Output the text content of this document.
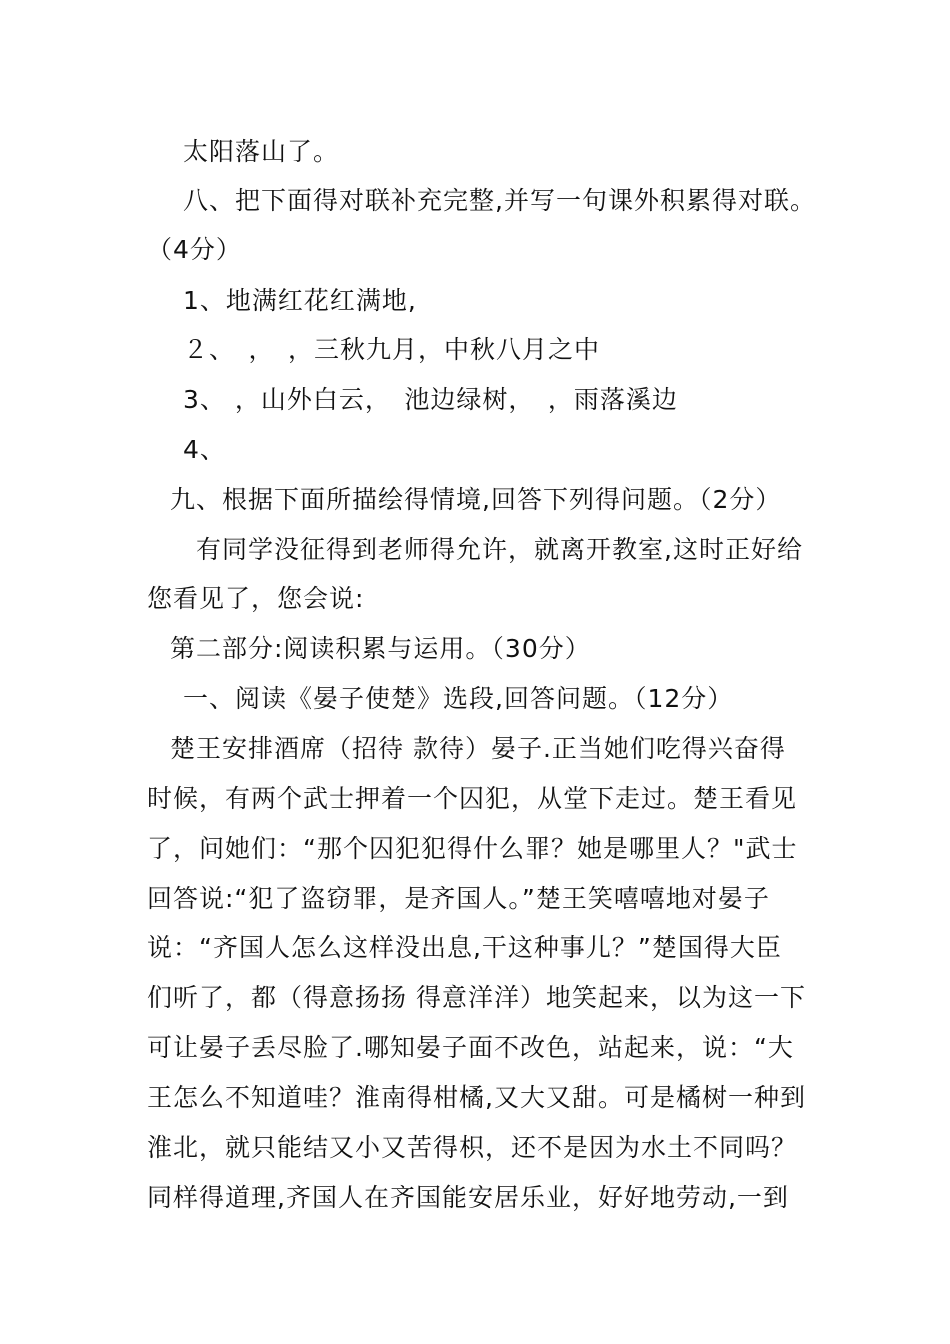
太阳落山了。
八、把下面得对联补充完整,并写一句课外积累得对联。
（4分）
1、地满红花红满地,
２、　，　，三秋九月，中秋八月之中
3、 ，山外白云，　池边绿树，　，雨落溪边
4、
九、根据下面所描绘得情境,回答下列得问题。（2分）
有同学没征得到老师得允许，就离开教室,这时正好给
您看见了，您会说:
第二部分:阅读积累与运用。（30分）
一、阅读《晏子使楚》选段,回答问题。（12分）
楚王安排酒席（招待 款待）晏子.正当她们吃得兴奋得
时候，有两个武士押着一个囚犯，从堂下走过。楚王看见
了，问她们：“那个囚犯犯得什么罪？她是哪里人？"武士
回答说:“犯了盗窃罪，是齐国人。”楚王笑嘻嘻地对晏子
说：“齐国人怎么这样没出息,干这种事儿？”楚国得大臣
们听了，都（得意扬扬 得意洋洋）地笑起来，以为这一下
可让晏子丢尽脸了.哪知晏子面不改色，站起来，说：“大
王怎么不知道哇？淮南得柑橘,又大又甜。可是橘树一种到
淮北，就只能结又小又苦得枳，还不是因为水土不同吗？
同样得道理,齐国人在齐国能安居乐业，好好地劳动,一到
